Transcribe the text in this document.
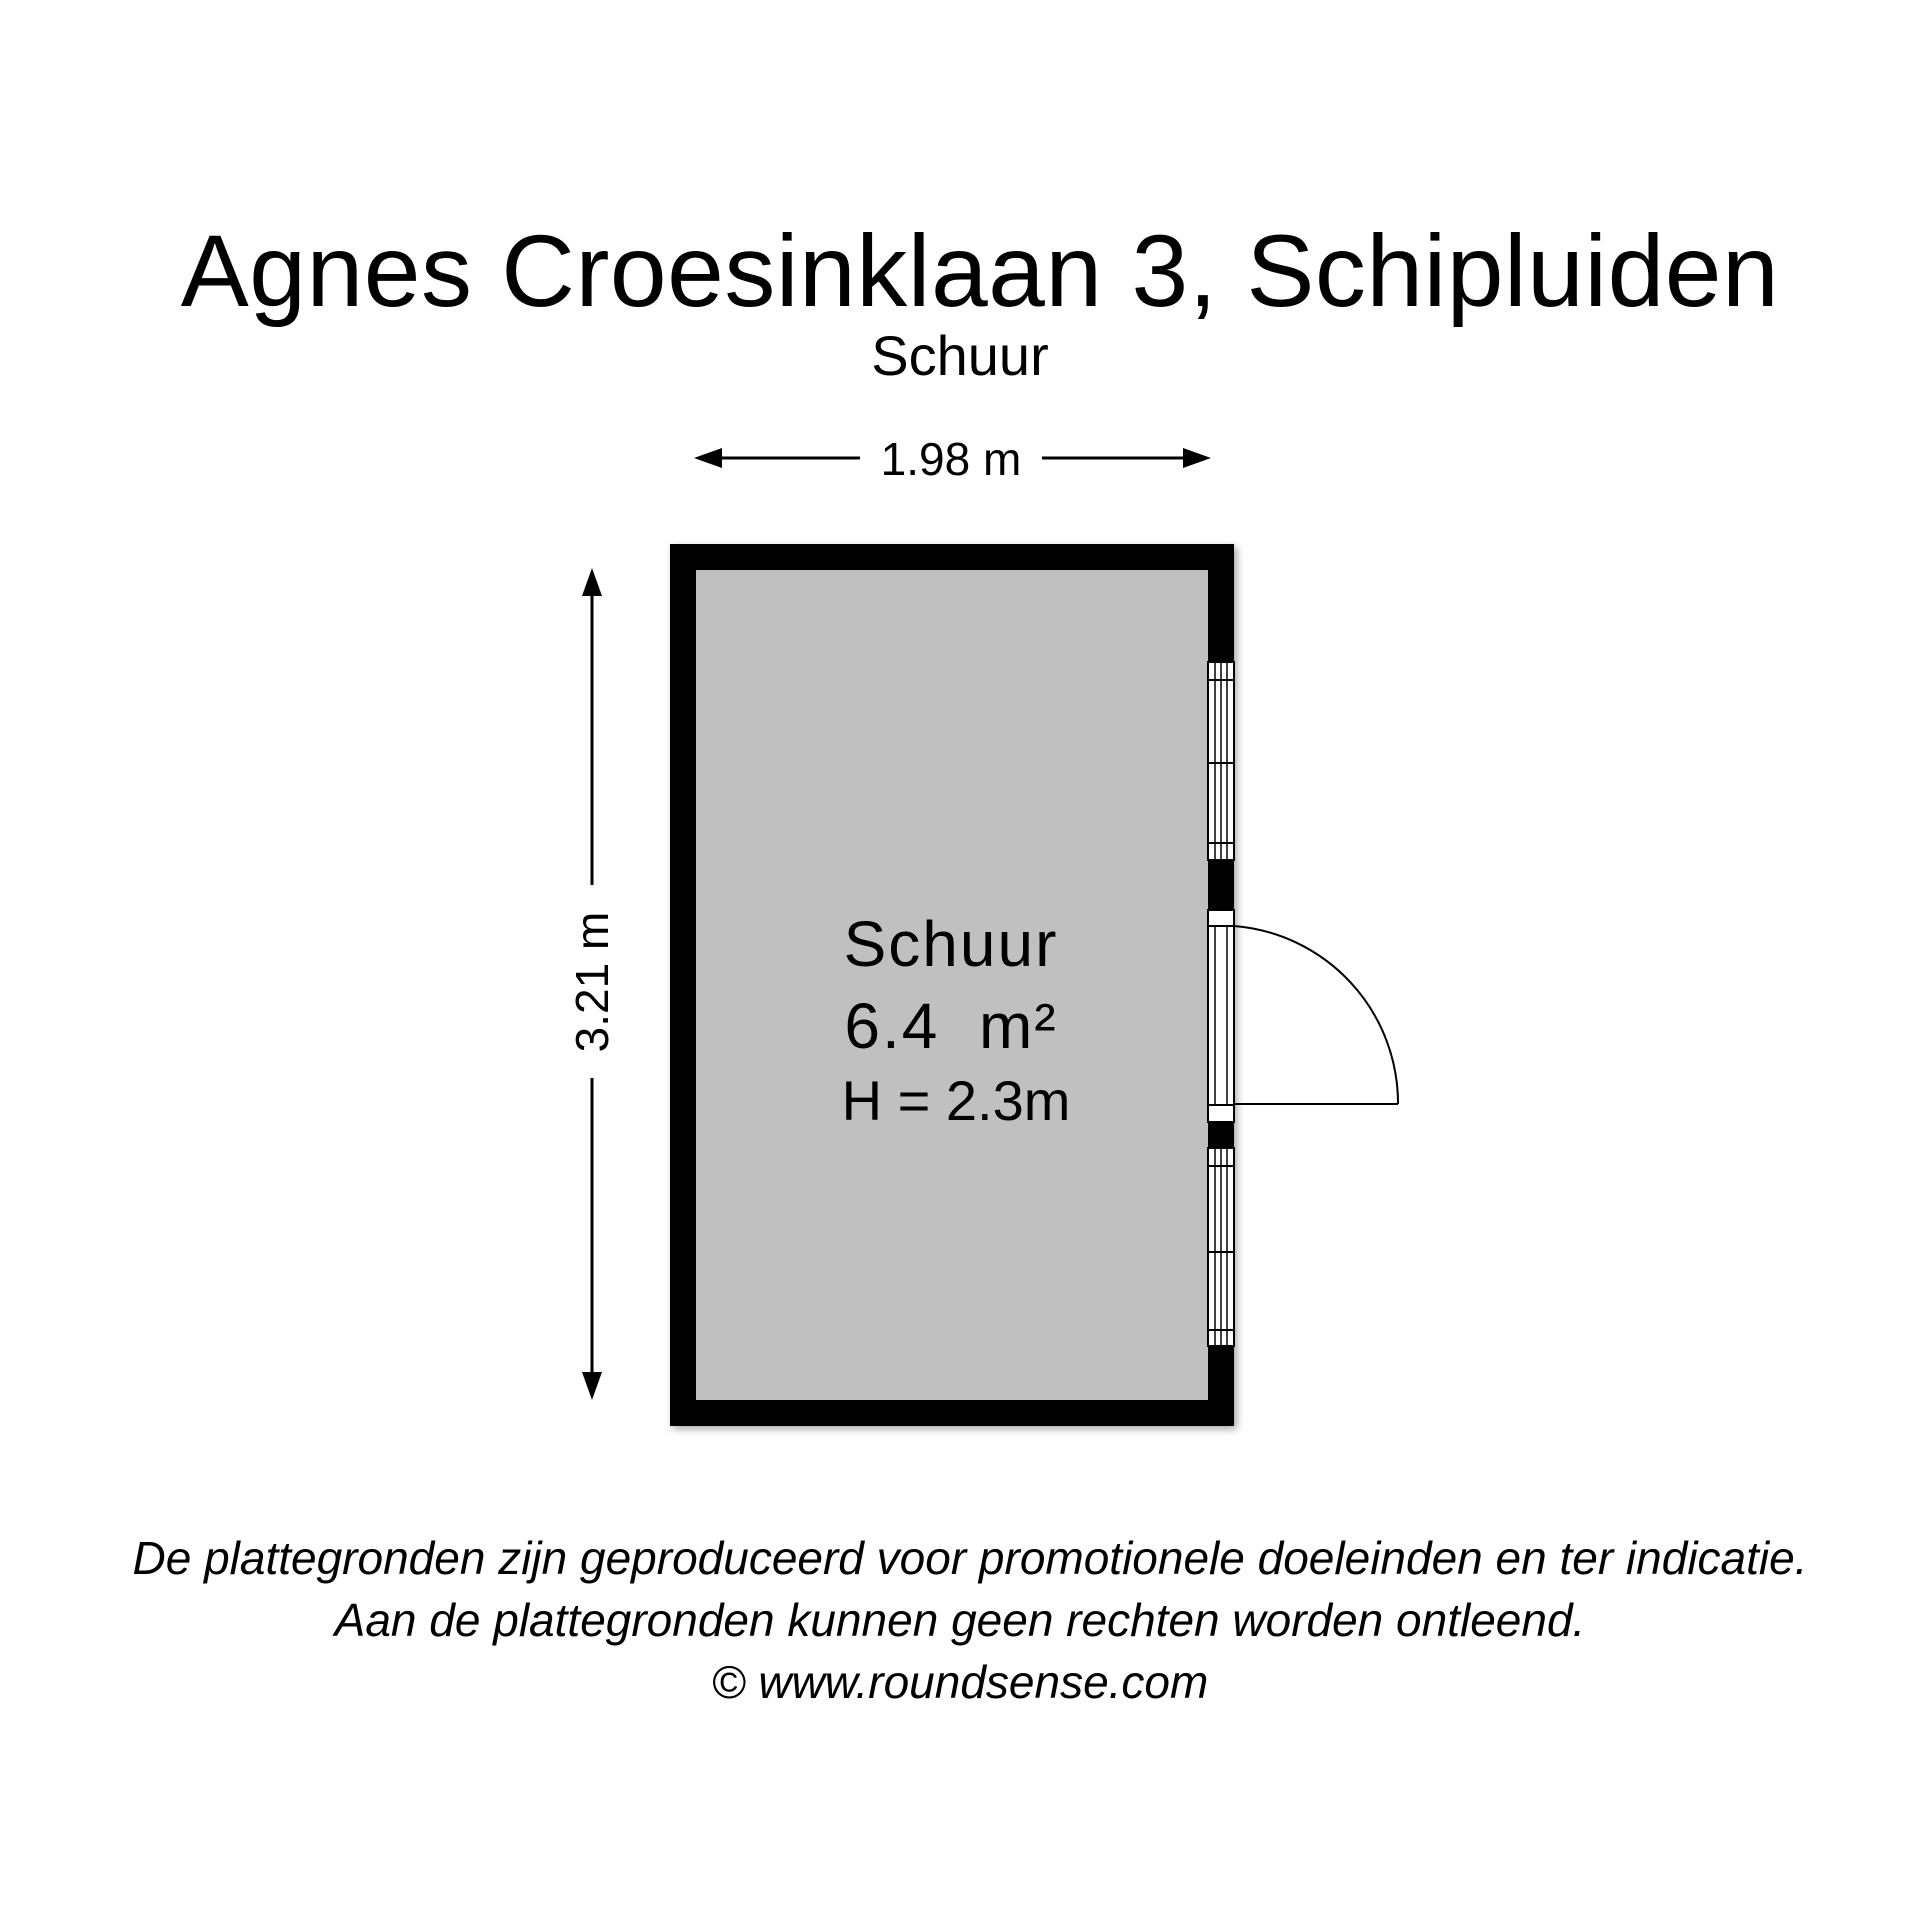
Agnes Croesinklaan 3, Schipluiden
Schuur
1.98 m
3.21 m	Schuur
6.4  m²
H = 2.3m
De plattegronden zijn geproduceerd voor promotionele doeleinden en ter indicatie.
Aan de plattegronden kunnen geen rechten worden ontleend.
© www.roundsense.com
